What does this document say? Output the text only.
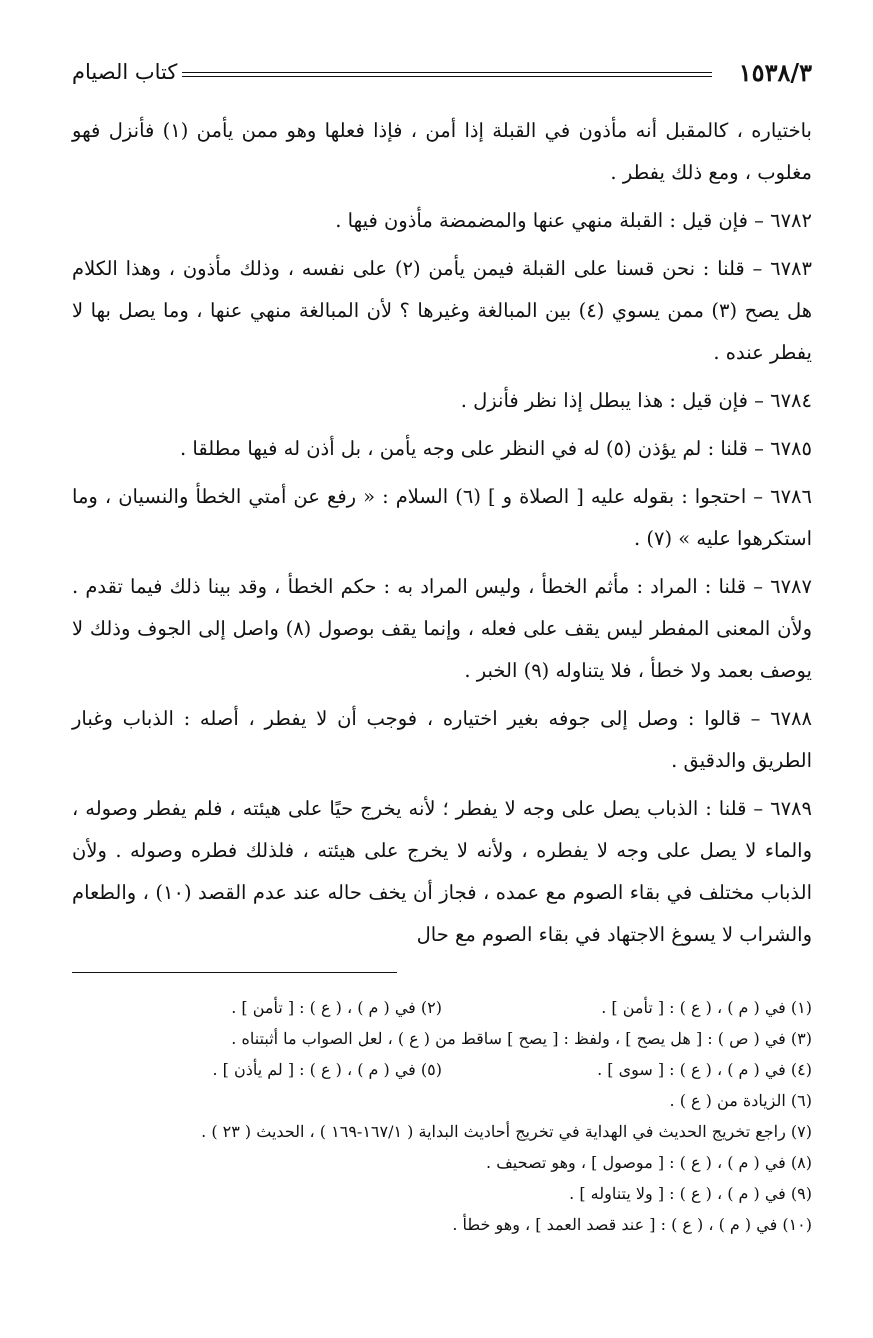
١٥٣٨/٣
كتاب الصيام

باختياره ، كالمقبل أنه مأذون في القبلة إذا أمن ، فإذا فعلها وهو ممن يأمن (١) فأنزل فهو مغلوب ، ومع ذلك يفطر .

٦٧٨٢ – فإن قيل : القبلة منهي عنها والمضمضة مأذون فيها .

٦٧٨٣ – قلنا : نحن قسنا على القبلة فيمن يأمن (٢) على نفسه ، وذلك مأذون ، وهذا الكلام هل يصح (٣) ممن يسوي (٤) بين المبالغة وغيرها ؟ لأن المبالغة منهي عنها ، وما يصل بها لا يفطر عنده .

٦٧٨٤ – فإن قيل : هذا يبطل إذا نظر فأنزل .

٦٧٨٥ – قلنا : لم يؤذن (٥) له في النظر على وجه يأمن ، بل أذن له فيها مطلقا .

٦٧٨٦ – احتجوا : بقوله عليه [ الصلاة و ] (٦) السلام : « رفع عن أمتي الخطأ والنسيان ، وما استكرهوا عليه » (٧) .

٦٧٨٧ – قلنا : المراد : مأثم الخطأ ، وليس المراد به : حكم الخطأ ، وقد بينا ذلك فيما تقدم . ولأن المعنى المفطر ليس يقف على فعله ، وإنما يقف بوصول (٨) واصل إلى الجوف وذلك لا يوصف بعمد ولا خطأ ، فلا يتناوله (٩) الخبر .

٦٧٨٨ – قالوا : وصل إلى جوفه بغير اختياره ، فوجب أن لا يفطر ، أصله : الذباب وغبار الطريق والدقيق .

٦٧٨٩ – قلنا : الذباب يصل على وجه لا يفطر ؛ لأنه يخرج حيًا على هيئته ، فلم يفطر وصوله ، والماء لا يصل على وجه لا يفطره ، ولأنه لا يخرج على هيئته ، فلذلك فطره وصوله . ولأن الذباب مختلف في بقاء الصوم مع عمده ، فجاز أن يخف حاله عند عدم القصد (١٠) ، والطعام والشراب لا يسوغ الاجتهاد في بقاء الصوم مع حال

(١) في ( م ) ، ( ع ) : [ تأمن ] .
(٢) في ( م ) ، ( ع ) : [ تأمن ] .
(٣) في ( ص ) : [ هل يصح ] ، ولفظ : [ يصح ] ساقط من ( ع ) ، لعل الصواب ما أثبتناه .
(٤) في ( م ) ، ( ع ) : [ سوى ] .
(٥) في ( م ) ، ( ع ) : [ لم يأذن ] .
(٦) الزيادة من ( ع ) .
(٧) راجع تخريج الحديث في الهداية في تخريج أحاديث البداية ( ١٦٧/١-١٦٩ ) ، الحديث ( ٢٣ ) .
(٨) في ( م ) ، ( ع ) : [ موصول ] ، وهو تصحيف .
(٩) في ( م ) ، ( ع ) : [ ولا يتناوله ] .
(١٠) في ( م ) ، ( ع ) : [ عند قصد العمد ] ، وهو خطأ .
